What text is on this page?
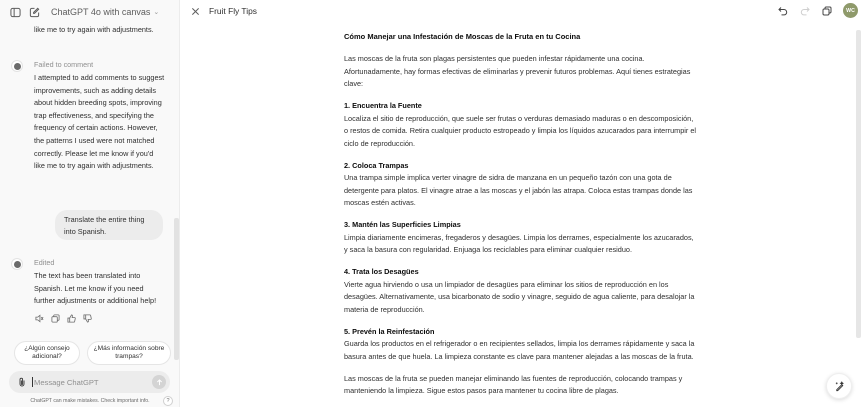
ChatGPT 4o with canvas ⌄
like me to try again with adjustments.
Failed to comment
I attempted to add comments to suggest improvements, such as adding details about hidden breeding spots, improving trap effectiveness, and specifying the frequency of certain actions. However, the patterns I used were not matched correctly. Please let me know if you'd like me to try again with adjustments.
Translate the entire thing into Spanish.
Edited
The text has been translated into Spanish. Let me know if you need further adjustments or additional help!
¿Algún consejo adicional?
¿Más información sobre trampas?
Message ChatGPT
ChatGPT can make mistakes. Check important info.	?
Fruit Fly Tips	WC
Cómo Manejar una Infestación de Moscas de la Fruta en tu Cocina

Las moscas de la fruta son plagas persistentes que pueden infestar rápidamente una cocina. Afortunadamente, hay formas efectivas de eliminarlas y prevenir futuros problemas. Aquí tienes estrategias clave:

1. Encuentra la Fuente
Localiza el sitio de reproducción, que suele ser frutas o verduras demasiado maduras o en descomposición, o restos de comida. Retira cualquier producto estropeado y limpia los líquidos azucarados para interrumpir el ciclo de reproducción.
2. Coloca Trampas
Una trampa simple implica verter vinagre de sidra de manzana en un pequeño tazón con una gota de detergente para platos. El vinagre atrae a las moscas y el jabón las atrapa. Coloca estas trampas donde las moscas estén activas.
3. Mantén las Superficies Limpias
Limpia diariamente encimeras, fregaderos y desagües. Limpia los derrames, especialmente los azucarados, y saca la basura con regularidad. Enjuaga los reciclables para eliminar cualquier residuo.
4. Trata los Desagües
Vierte agua hirviendo o usa un limpiador de desagües para eliminar los sitios de reproducción en los desagües. Alternativamente, usa bicarbonato de sodio y vinagre, seguido de agua caliente, para desalojar la materia de reproducción.
5. Prevén la Reinfestación
Guarda los productos en el refrigerador o en recipientes sellados, limpia los derrames rápidamente y saca la basura antes de que huela. La limpieza constante es clave para mantener alejadas a las moscas de la fruta.

Las moscas de la fruta se pueden manejar eliminando las fuentes de reproducción, colocando trampas y manteniendo la limpieza. Sigue estos pasos para mantener tu cocina libre de plagas.
